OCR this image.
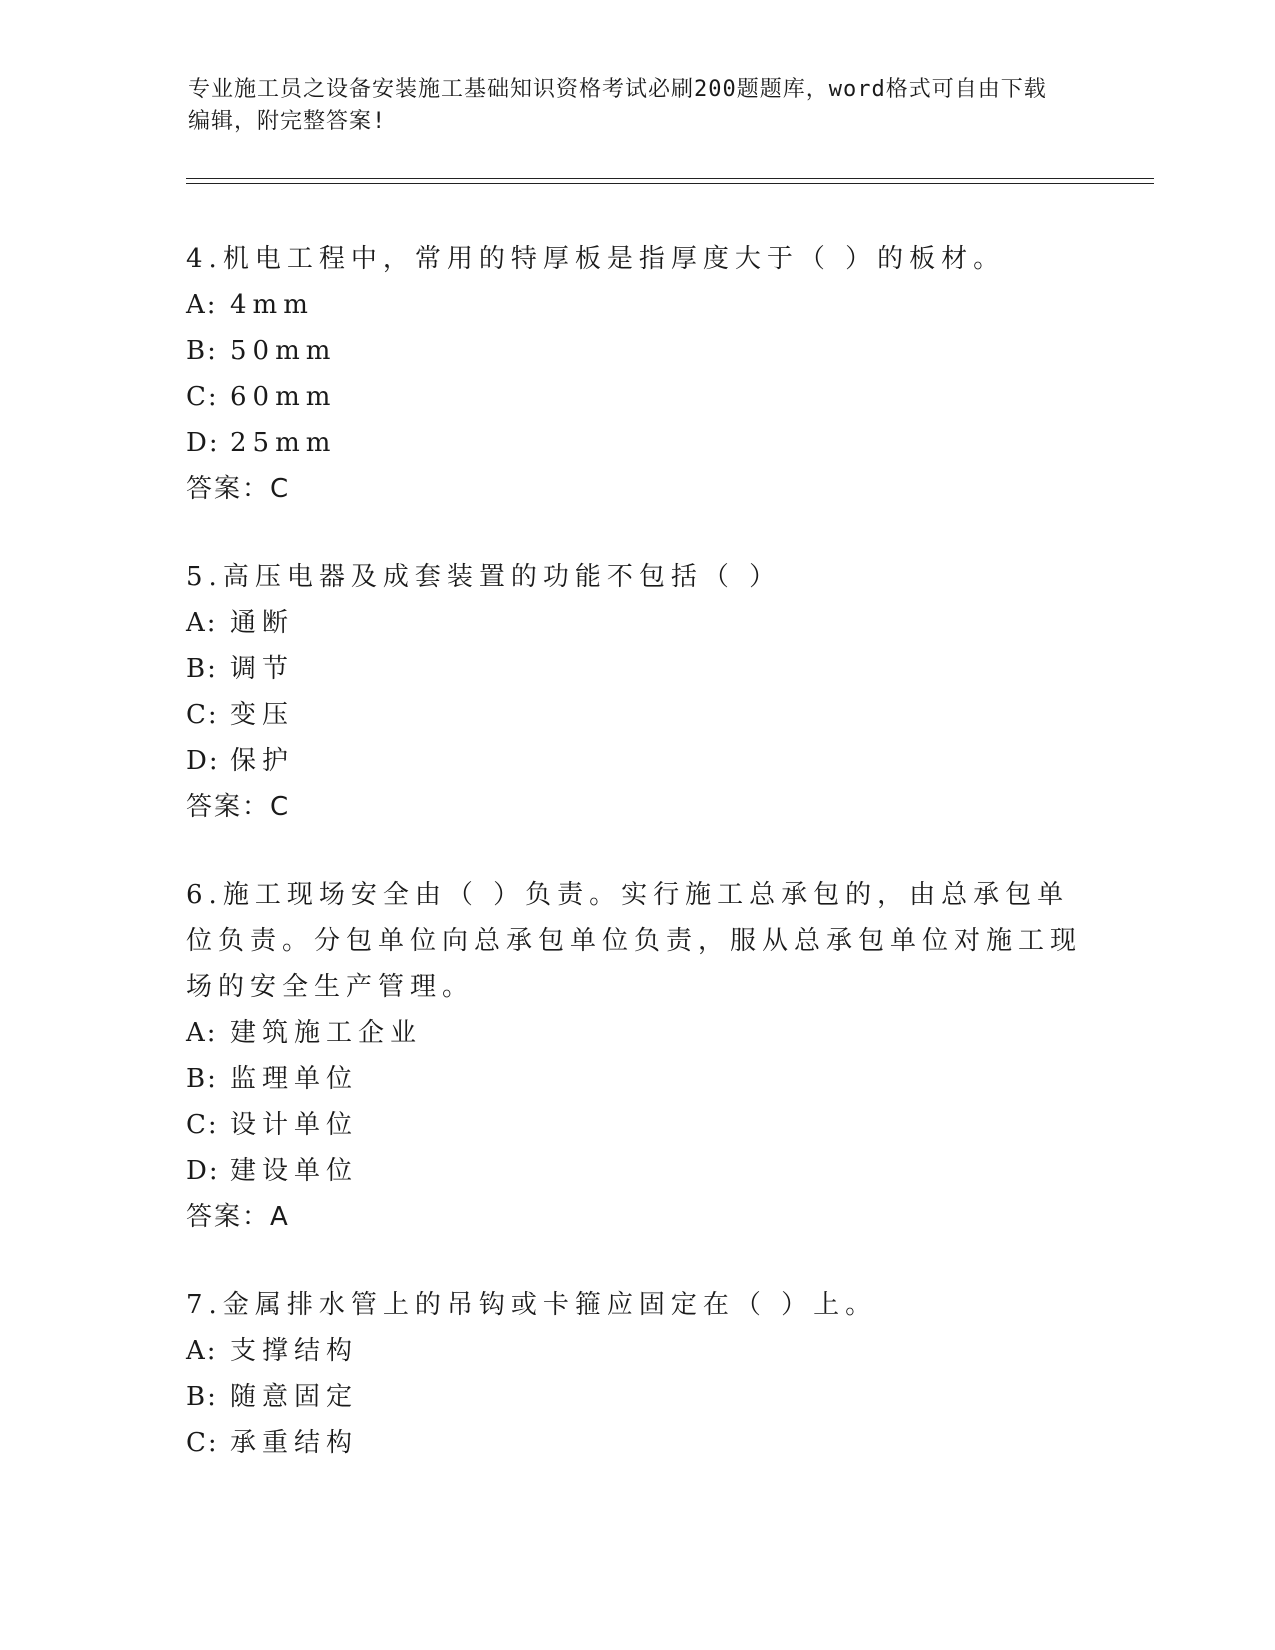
专业施工员之设备安装施工基础知识资格考试必刷200题题库，word格式可自由下载编辑，附完整答案!

4.机电工程中，常用的特厚板是指厚度大于（ ）的板材。

A: 4mm
B: 50mm
C: 60mm
D: 25mm
答案：C

5.高压电器及成套装置的功能不包括（ ）

A: 通断
B: 调节
C: 变压
D: 保护
答案：C

6.施工现场安全由（ ）负责。实行施工总承包的，由总承包单位负责。分包单位向总承包单位负责，服从总承包单位对施工现场的安全生产管理。

A: 建筑施工企业
B: 监理单位
C: 设计单位
D: 建设单位
答案：A

7.金属排水管上的吊钩或卡箍应固定在（ ）上。

A: 支撑结构
B: 随意固定
C: 承重结构
